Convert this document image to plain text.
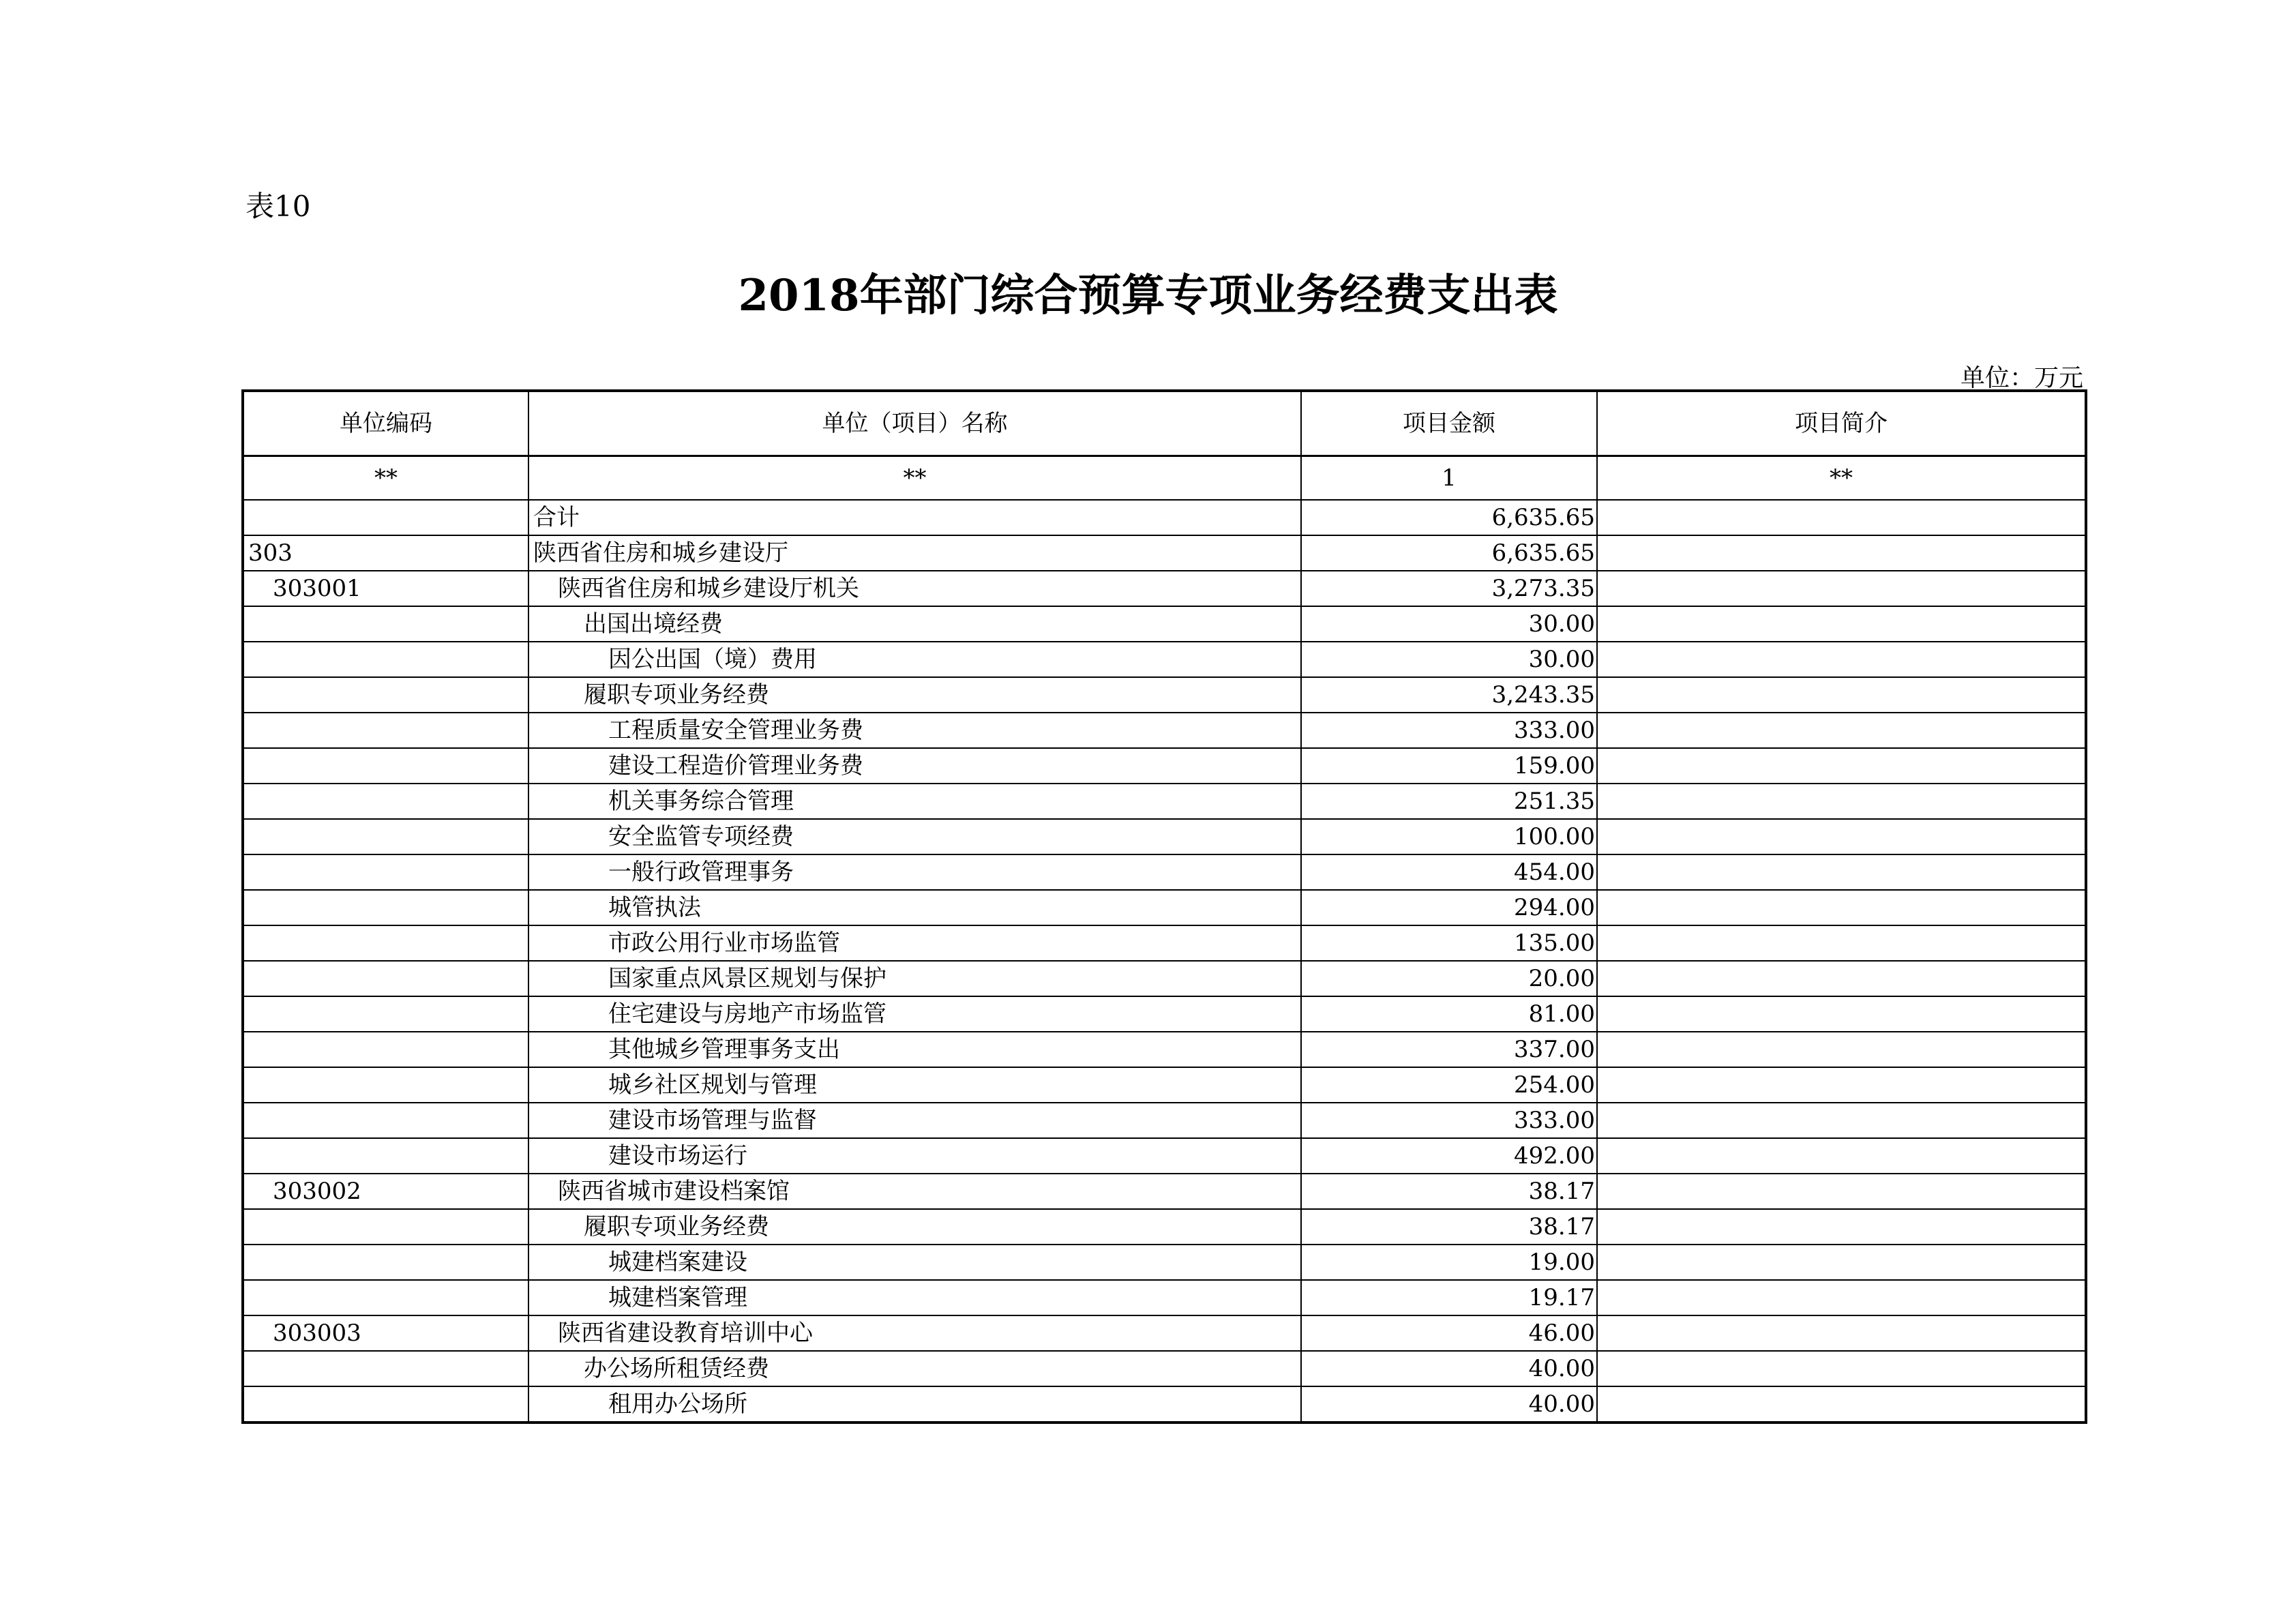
表10
2018年部门综合预算专项业务经费支出表
单位：万元
单位编码	单位（项目）名称	项目金额	项目简介
**	**	1	**
	合计	6,635.65	
303	陕西省住房和城乡建设厅	6,635.65	
303001	陕西省住房和城乡建设厅机关	3,273.35	
	出国出境经费	30.00	
	因公出国（境）费用	30.00	
	履职专项业务经费	3,243.35	
	工程质量安全管理业务费	333.00	
	建设工程造价管理业务费	159.00	
	机关事务综合管理	251.35	
	安全监管专项经费	100.00	
	一般行政管理事务	454.00	
	城管执法	294.00	
	市政公用行业市场监管	135.00	
	国家重点风景区规划与保护	20.00	
	住宅建设与房地产市场监管	81.00	
	其他城乡管理事务支出	337.00	
	城乡社区规划与管理	254.00	
	建设市场管理与监督	333.00	
	建设市场运行	492.00	
303002	陕西省城市建设档案馆	38.17	
	履职专项业务经费	38.17	
	城建档案建设	19.00	
	城建档案管理	19.17	
303003	陕西省建设教育培训中心	46.00	
	办公场所租赁经费	40.00	
	租用办公场所	40.00	
